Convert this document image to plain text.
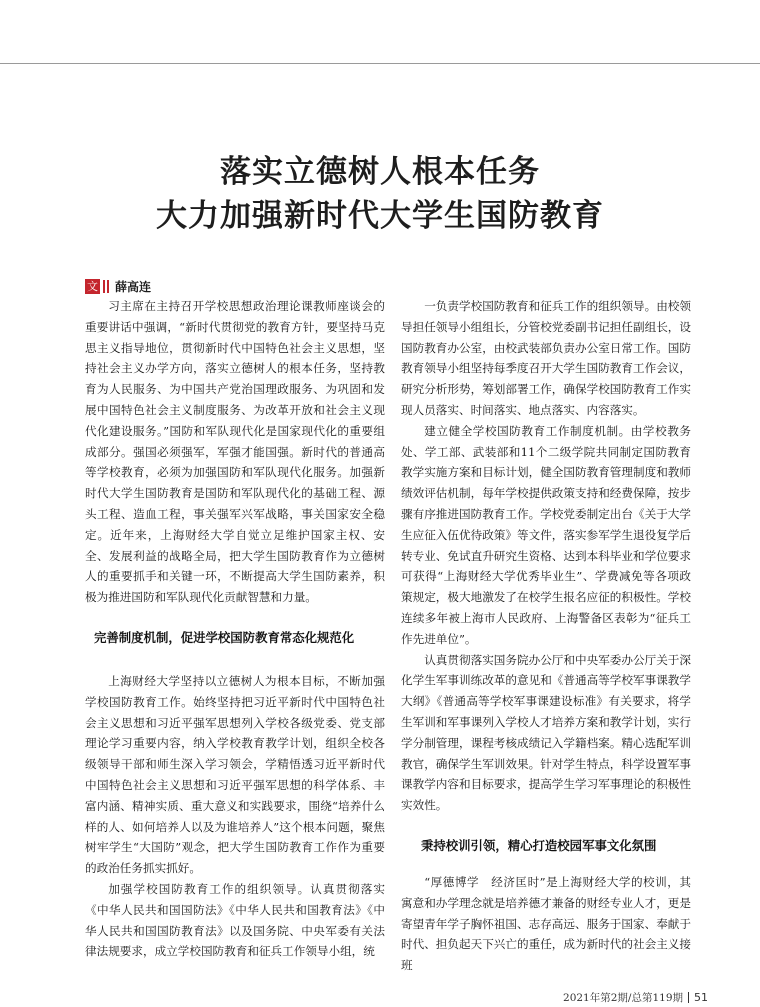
落实立德树人根本任务
大力加强新时代大学生国防教育
文 薛高连

习主席在主持召开学校思想政治理论课教师座谈会的重要讲话中强调，“新时代贯彻党的教育方针，要坚持马克思主义指导地位，贯彻新时代中国特色社会主义思想，坚持社会主义办学方向，落实立德树人的根本任务，坚持教育为人民服务、为中国共产党治国理政服务、为巩固和发展中国特色社会主义制度服务、为改革开放和社会主义现代化建设服务。”国防和军队现代化是国家现代化的重要组成部分。强国必须强军，军强才能国强。新时代的普通高等学校教育，必须为加强国防和军队现代化服务。加强新时代大学生国防教育是国防和军队现代化的基础工程、源头工程、造血工程，事关强军兴军战略，事关国家安全稳定。近年来，上海财经大学自觉立足维护国家主权、安全、发展利益的战略全局，把大学生国防教育作为立德树人的重要抓手和关键一环，不断提高大学生国防素养，积极为推进国防和军队现代化贡献智慧和力量。

完善制度机制，促进学校国防教育常态化规范化

上海财经大学坚持以立德树人为根本目标，不断加强学校国防教育工作。始终坚持把习近平新时代中国特色社会主义思想和习近平强军思想列入学校各级党委、党支部理论学习重要内容，纳入学校教育教学计划，组织全校各级领导干部和师生深入学习领会，学精悟透习近平新时代中国特色社会主义思想和习近平强军思想的科学体系、丰富内涵、精神实质、重大意义和实践要求，围绕“培养什么样的人、如何培养人以及为谁培养人”这个根本问题，聚焦树牢学生“大国防”观念，把大学生国防教育工作作为重要的政治任务抓实抓好。

加强学校国防教育工作的组织领导。认真贯彻落实《中华人民共和国国防法》《中华人民共和国教育法》《中华人民共和国国防教育法》以及国务院、中央军委有关法律法规要求，成立学校国防教育和征兵工作领导小组，统

一负责学校国防教育和征兵工作的组织领导。由校领导担任领导小组组长，分管校党委副书记担任副组长，设国防教育办公室，由校武装部负责办公室日常工作。国防教育领导小组坚持每季度召开大学生国防教育工作会议，研究分析形势，筹划部署工作，确保学校国防教育工作实现人员落实、时间落实、地点落实、内容落实。

建立健全学校国防教育工作制度机制。由学校教务处、学工部、武装部和11个二级学院共同制定国防教育教学实施方案和目标计划，健全国防教育管理制度和教师绩效评估机制，每年学校提供政策支持和经费保障，按步骤有序推进国防教育工作。学校党委制定出台《关于大学生应征入伍优待政策》等文件，落实参军学生退役复学后转专业、免试直升研究生资格、达到本科毕业和学位要求可获得“上海财经大学优秀毕业生”、学费减免等各项政策规定，极大地激发了在校学生报名应征的积极性。学校连续多年被上海市人民政府、上海警备区表彰为“征兵工作先进单位”。

认真贯彻落实国务院办公厅和中央军委办公厅关于深化学生军事训练改革的意见和《普通高等学校军事课教学大纲》《普通高等学校军事课建设标准》有关要求，将学生军训和军事课列入学校人才培养方案和教学计划，实行学分制管理，课程考核成绩记入学籍档案。精心选配军训教官，确保学生军训效果。针对学生特点，科学设置军事课教学内容和目标要求，提高学生学习军事理论的积极性实效性。

秉持校训引领，精心打造校园军事文化氛围

“厚德博学　经济匡时”是上海财经大学的校训，其寓意和办学理念就是培养德才兼备的财经专业人才，更是寄望青年学子胸怀祖国、志存高远、服务于国家、奉献于时代、担负起天下兴亡的重任，成为新时代的社会主义接班

2021年第2期/总第119期 51
